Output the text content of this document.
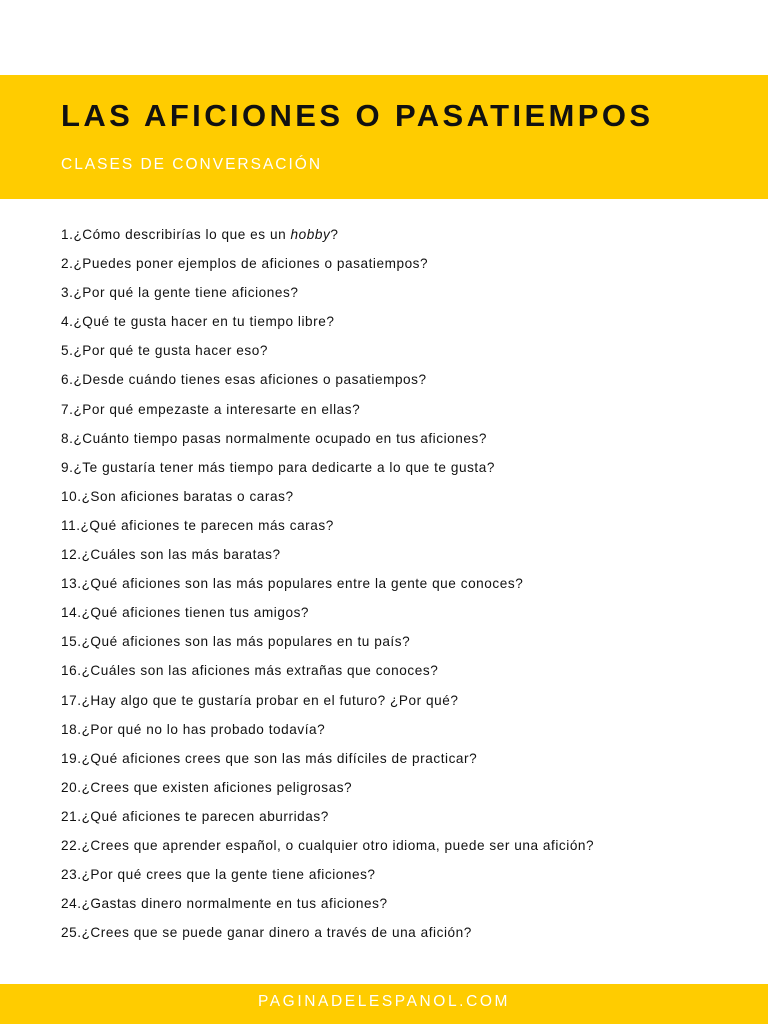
LAS AFICIONES O PASATIEMPOS
CLASES DE CONVERSACIÓN
1.¿Cómo describirías lo que es un hobby?
2.¿Puedes poner ejemplos de aficiones o pasatiempos?
3.¿Por qué la gente tiene aficiones?
4.¿Qué te gusta hacer en tu tiempo libre?
5.¿Por qué te gusta hacer eso?
6.¿Desde cuándo tienes esas aficiones o pasatiempos?
7.¿Por qué empezaste a interesarte en ellas?
8.¿Cuánto tiempo pasas normalmente ocupado en tus aficiones?
9.¿Te gustaría tener más tiempo para dedicarte a lo que te gusta?
10.¿Son aficiones baratas o caras?
11.¿Qué aficiones te parecen más caras?
12.¿Cuáles son las más baratas?
13.¿Qué aficiones son las más populares entre la gente que conoces?
14.¿Qué aficiones tienen tus amigos?
15.¿Qué aficiones son las más populares en tu país?
16.¿Cuáles son las aficiones más extrañas que conoces?
17.¿Hay algo que te gustaría probar en el futuro? ¿Por qué?
18.¿Por qué no lo has probado todavía?
19.¿Qué aficiones crees que son las más difíciles de practicar?
20.¿Crees que existen aficiones peligrosas?
21.¿Qué aficiones te parecen aburridas?
22.¿Crees que aprender español, o cualquier otro idioma, puede ser una afición?
23.¿Por qué crees que la gente tiene aficiones?
24.¿Gastas dinero normalmente en tus aficiones?
25.¿Crees que se puede ganar dinero a través de una afición?
PAGINADELESPANOL.COM
